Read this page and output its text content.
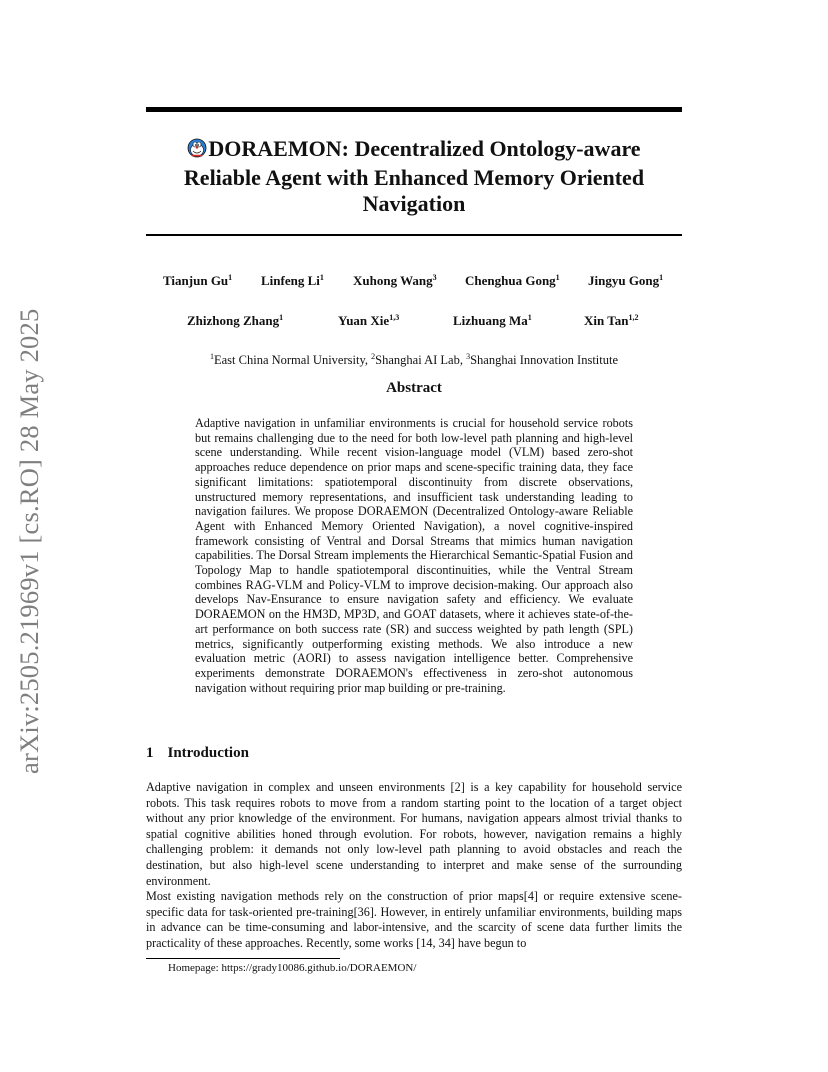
arXiv:2505.21969v1 [cs.RO] 28 May 2025
DORAEMON: Decentralized Ontology-aware
Reliable Agent with Enhanced Memory Oriented
Navigation
Tianjun Gu$^1$ Linfeng Li$^1$ Xuhong Wang$^3$ Chenghua Gong$^1$ Jingyu Gong$^1$
Zhizhong Zhang$^1$	Yuan Xie$^{1,3}$	Lizhuang Ma$^1$	Xin Tan$^{1,2}$
$^1$East China Normal University, $^2$Shanghai AI Lab, $^3$Shanghai Innovation Institute
Abstract
Adaptive navigation in unfamiliar environments is crucial for household service robots but remains challenging due to the need for both low-level path planning and high-level scene understanding. While recent vision-language model (VLM) based zero-shot approaches reduce dependence on prior maps and scene-specific training data, they face significant limitations: spatiotemporal discontinuity from discrete observations, unstructured memory representations, and insufficient task understanding leading to navigation failures. We propose DORAEMON (Decentralized Ontology-aware Reliable Agent with Enhanced Memory Oriented Navigation), a novel cognitive-inspired framework consisting of Ventral and Dorsal Streams that mimics human navigation capabilities. The Dorsal Stream implements the Hierarchical Semantic-Spatial Fusion and Topology Map to handle spatiotemporal discontinuities, while the Ventral Stream combines RAG-VLM and Policy-VLM to improve decision-making. Our approach also develops Nav-Ensurance to ensure navigation safety and efficiency. We evaluate DORAEMON on the HM3D, MP3D, and GOAT datasets, where it achieves state-of-the-art performance on both success rate (SR) and success weighted by path length (SPL) metrics, significantly outperforming existing methods. We also introduce a new evaluation metric (AORI) to assess navigation intelligence better. Comprehensive experiments demonstrate DORAEMON's effectiveness in zero-shot autonomous navigation without requiring prior map building or pre-training.
1 Introduction
Adaptive navigation in complex and unseen environments [2] is a key capability for household service robots. This task requires robots to move from a random starting point to the location of a target object without any prior knowledge of the environment. For humans, navigation appears almost trivial thanks to spatial cognitive abilities honed through evolution. For robots, however, navigation remains a highly challenging problem: it demands not only low-level path planning to avoid obstacles and reach the destination, but also high-level scene understanding to interpret and make sense of the surrounding environment.
Most existing navigation methods rely on the construction of prior maps[4] or require extensive scene-specific data for task-oriented pre-training[36]. However, in entirely unfamiliar environments, building maps in advance can be time-consuming and labor-intensive, and the scarcity of scene data further limits the practicality of these approaches. Recently, some works [14, 34] have begun to
Homepage: https://grady10086.github.io/DORAEMON/
